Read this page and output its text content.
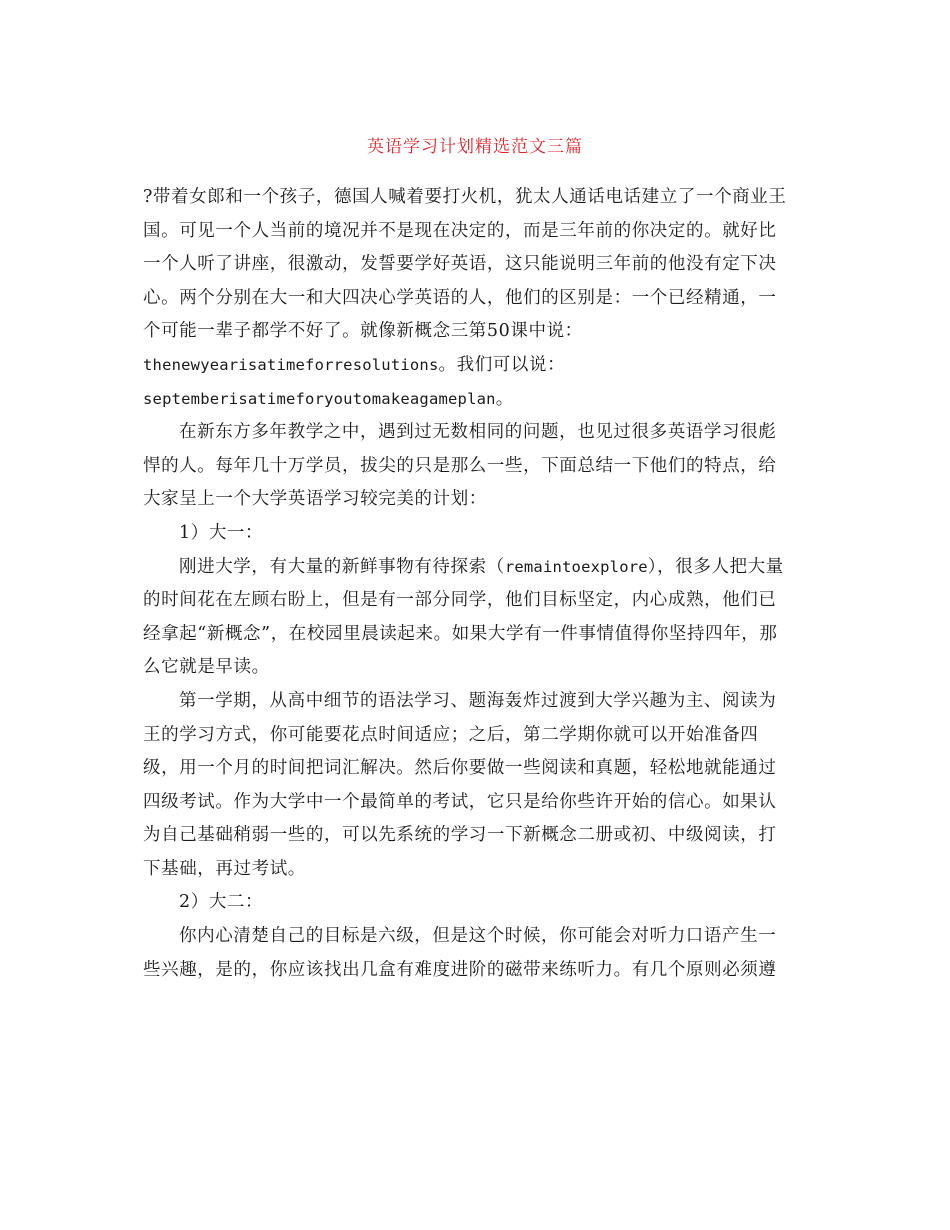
英语学习计划精选范文三篇
?带着女郎和一个孩子，德国人喊着要打火机，犹太人通话电话建立了一个商业王
国。可见一个人当前的境况并不是现在决定的，而是三年前的你决定的。就好比
一个人听了讲座，很激动，发誓要学好英语，这只能说明三年前的他没有定下决
心。两个分别在大一和大四决心学英语的人，他们的区别是：一个已经精通，一
个可能一辈子都学不好了。就像新概念三第50课中说：
thenewyearisatimeforresolutions。我们可以说：
septemberisatimeforyoutomakeagameplan。
在新东方多年教学之中，遇到过无数相同的问题，也见过很多英语学习很彪
悍的人。每年几十万学员，拔尖的只是那么一些，下面总结一下他们的特点，给
大家呈上一个大学英语学习较完美的计划：
1）大一：
刚进大学，有大量的新鲜事物有待探索（remaintoexplore），很多人把大量
的时间花在左顾右盼上，但是有一部分同学，他们目标坚定，内心成熟，他们已
经拿起“新概念”，在校园里晨读起来。如果大学有一件事情值得你坚持四年，那
么它就是早读。
第一学期，从高中细节的语法学习、题海轰炸过渡到大学兴趣为主、阅读为
王的学习方式，你可能要花点时间适应；之后，第二学期你就可以开始准备四
级，用一个月的时间把词汇解决。然后你要做一些阅读和真题，轻松地就能通过
四级考试。作为大学中一个最简单的考试，它只是给你些许开始的信心。如果认
为自己基础稍弱一些的，可以先系统的学习一下新概念二册或初、中级阅读，打
下基础，再过考试。
2）大二：
你内心清楚自己的目标是六级，但是这个时候，你可能会对听力口语产生一
些兴趣，是的，你应该找出几盒有难度进阶的磁带来练听力。有几个原则必须遵
